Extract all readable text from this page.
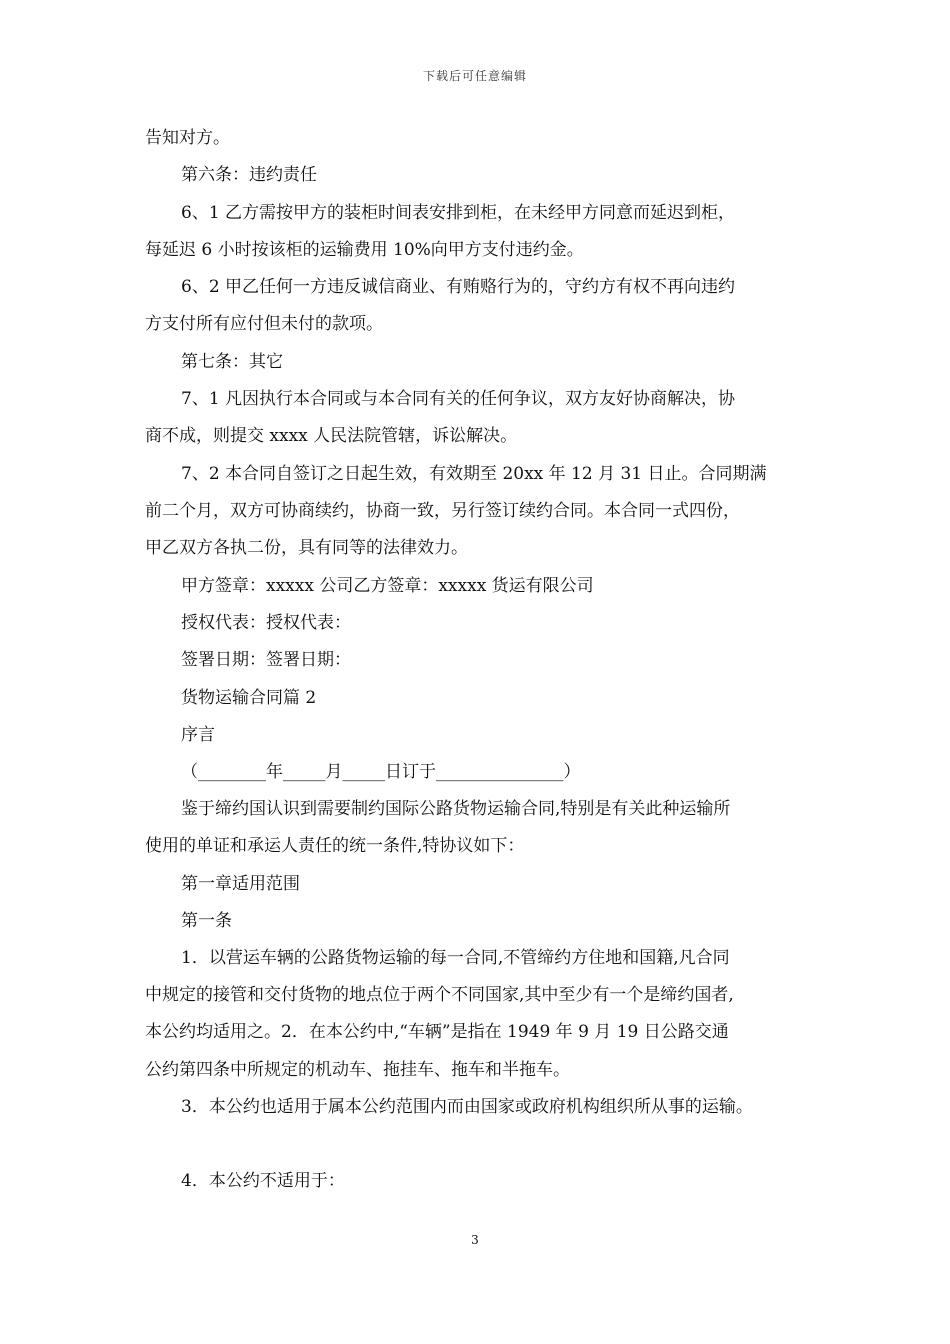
下载后可任意编辑
告知对方。
第六条：违约责任
6、1 乙方需按甲方的装柜时间表安排到柜，在未经甲方同意而延迟到柜，
每延迟 6 小时按该柜的运输费用 10%向甲方支付违约金。
6、2 甲乙任何一方违反诚信商业、有贿赂行为的，守约方有权不再向违约
方支付所有应付但未付的款项。
第七条：其它
7、1 凡因执行本合同或与本合同有关的任何争议，双方友好协商解决，协
商不成，则提交 xxxx 人民法院管辖，诉讼解决。
7、2 本合同自签订之日起生效，有效期至 20xx 年 12 月 31 日止。合同期满
前二个月，双方可协商续约，协商一致，另行签订续约合同。本合同一式四份，
甲乙双方各执二份，具有同等的法律效力。
甲方签章：xxxxx 公司乙方签章：xxxxx 货运有限公司
授权代表：授权代表：
签署日期：签署日期：
货物运输合同篇 2
序言
（________年_____月_____日订于_______________）
鉴于缔约国认识到需要制约国际公路货物运输合同,特别是有关此种运输所
使用的单证和承运人责任的统一条件,特协议如下：
第一章适用范围
第一条
1．以营运车辆的公路货物运输的每一合同,不管缔约方住地和国籍,凡合同
中规定的接管和交付货物的地点位于两个不同国家,其中至少有一个是缔约国者,
本公约均适用之。2．在本公约中,“车辆”是指在 1949 年 9 月 19 日公路交通
公约第四条中所规定的机动车、拖挂车、拖车和半拖车。
3．本公约也适用于属本公约范围内而由国家或政府机构组织所从事的运输。
4．本公约不适用于：
3
